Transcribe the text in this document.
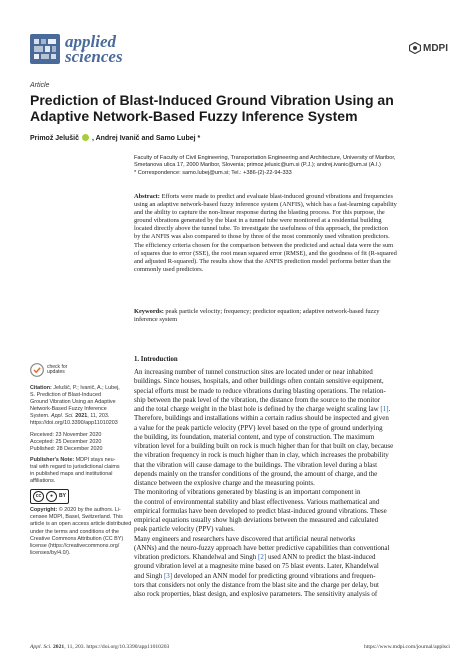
applied
sciences	MDPI
Article
Prediction of Blast-Induced Ground Vibration Using an
Adaptive Network-Based Fuzzy Inference System
Primož Jelušič , Andrej Ivanič and Samo Lubej *
Faculty of Faculty of Civil Engineering, Transportation Engineering and Architecture, University of Maribor,
Smetanova ulica 17, 2000 Maribor, Slovenia; primoz.jelusic@um.si (P.J.); andrej.ivanic@um.si (A.I.)
* Correspondence: samo.lubej@um.si; Tel.: +386-(2)-22-94-333
Abstract: Efforts were made to predict and evaluate blast-induced ground vibrations and frequencies
using an adaptive network-based fuzzy inference system (ANFIS), which has a fast-learning capability
and the ability to capture the non-linear response during the blasting process. For this purpose, the
ground vibrations generated by the blast in a tunnel tube were monitored at a residential building
located directly above the tunnel tube. To investigate the usefulness of this approach, the prediction
by the ANFIS was also compared to those by three of the most commonly used vibration predictors.
The efficiency criteria chosen for the comparison between the predicted and actual data were the sum
of squares due to error (SSE), the root mean squared error (RMSE), and the goodness of fit (R-squared
and adjusted R-squared). The results show that the ANFIS prediction model performs better than the
commonly used predictors.
Keywords: peak particle velocity; frequency; predictor equation; adaptive network-based fuzzy
inference system
check for
updates
Citation: Jelušič, P.; Ivanič, A.; Lubej,
S. Prediction of Blast-Induced
Ground Vibration Using an Adaptive
Network-Based Fuzzy Inference
System. Appl. Sci. 2021, 11, 203.
https://doi.org/10.3390/app11010203
Received: 23 November 2020
Accepted: 25 December 2020
Published: 28 December 2020
Publisher's Note: MDPI stays neu-
tral with regard to jurisdictional claims
in published maps and institutional
affiliations.
cc	●	BY
Copyright: © 2020 by the authors. Li-
censee MDPI, Basel, Switzerland. This
article is an open access article distributed
under the terms and conditions of the
Creative Commons Attribution (CC BY)
license (https://creativecommons.org/
licenses/by/4.0/).
1. Introduction
An increasing number of tunnel construction sites are located under or near inhabited
buildings. Since houses, hospitals, and other buildings often contain sensitive equipment,
special efforts must be made to reduce vibrations during blasting operations. The relation-
ship between the peak level of the vibration, the distance from the source to the monitor
and the total charge weight in the blast hole is defined by the charge weight scaling law [1].
Therefore, buildings and installations within a certain radius should be inspected and given
a value for the peak particle velocity (PPV) level based on the type of ground underlying
the building, its foundation, material content, and type of construction. The maximum
vibration level for a building built on rock is much higher than for that built on clay, because
the vibration frequency in rock is much higher than in clay, which increases the probability
that the vibration will cause damage to the buildings. The vibration level during a blast
depends mainly on the transfer conditions of the ground, the amount of charge, and the
distance between the explosive charge and the measuring points.
The monitoring of vibrations generated by blasting is an important component in
the control of environmental stability and blast effectiveness. Various mathematical and
empirical formulas have been developed to predict blast-induced ground vibrations. These
empirical equations usually show high deviations between the measured and calculated
peak particle velocity (PPV) values.
Many engineers and researchers have discovered that artificial neural networks
(ANNs) and the neuro-fuzzy approach have better predictive capabilities than conventional
vibration predictors. Khandelwal and Singh [2] used ANN to predict the blast-induced
ground vibration level at a magnesite mine based on 75 blast events. Later, Khandelwal
and Singh [3] developed an ANN model for predicting ground vibrations and frequen-
tors that considers not only the distance from the blast site and the charge per delay, but
also rock properties, blast design, and explosive parameters. The sensitivity analysis of
Appl. Sci. 2021, 11, 203. https://doi.org/10.3390/app11010203	https://www.mdpi.com/journal/applsci
